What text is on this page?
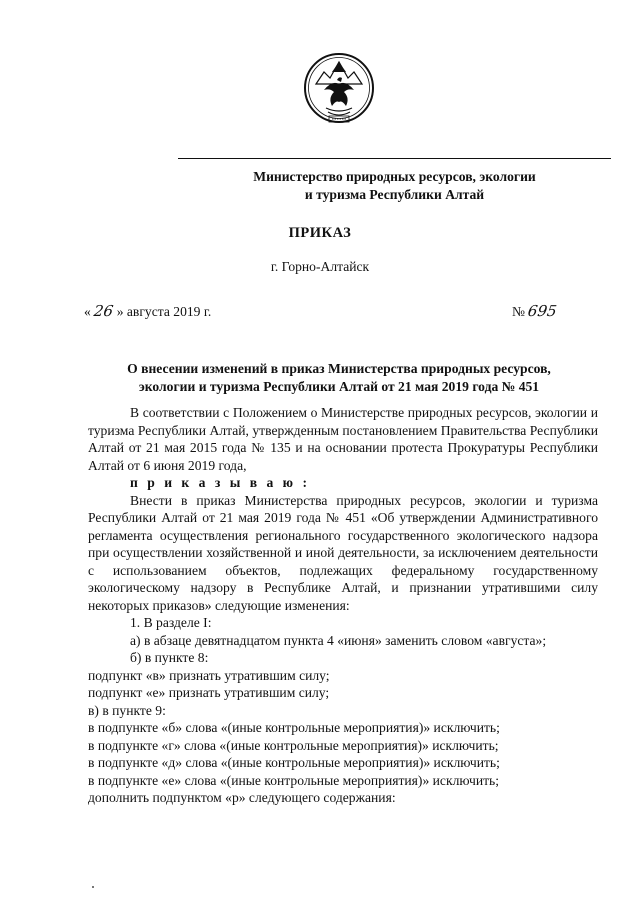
Министерство природных ресурсов, экологии
и туризма Республики Алтай
ПРИКАЗ
г. Горно-Алтайск
« 26 » августа 2019 г.	№ 695
О внесении изменений в приказ Министерства природных ресурсов,
экологии и туризма Республики Алтай от 21 мая 2019 года № 451

В соответствии с Положением о Министерстве природных ресурсов, экологии и туризма Республики Алтай, утвержденным постановлением Правительства Республики Алтай от 21 мая 2015 года № 135 и на основании протеста Прокуратуры Республики Алтай от 6 июня 2019 года,

п р и к а з ы в а ю :

Внести в приказ Министерства природных ресурсов, экологии и туризма Республики Алтай от 21 мая 2019 года № 451 «Об утверждении Административного регламента осуществления регионального государственного экологического надзора при осуществлении хозяйственной и иной деятельности, за исключением деятельности с использованием объектов, подлежащих федеральному государственному экологическому надзору в Республике Алтай, и признании утратившими силу некоторых приказов» следующие изменения:

1. В разделе I:

а) в абзаце девятнадцатом пункта 4 «июня» заменить словом «августа»;

б) в пункте 8:

подпункт «в» признать утратившим силу;

подпункт «е» признать утратившим силу;

в) в пункте 9:

в подпункте «б» слова «(иные контрольные мероприятия)» исключить;

в подпункте «г» слова «(иные контрольные мероприятия)» исключить;

в подпункте «д» слова «(иные контрольные мероприятия)» исключить;

в подпункте «е» слова «(иные контрольные мероприятия)» исключить;

дополнить подпунктом «р» следующего содержания:
